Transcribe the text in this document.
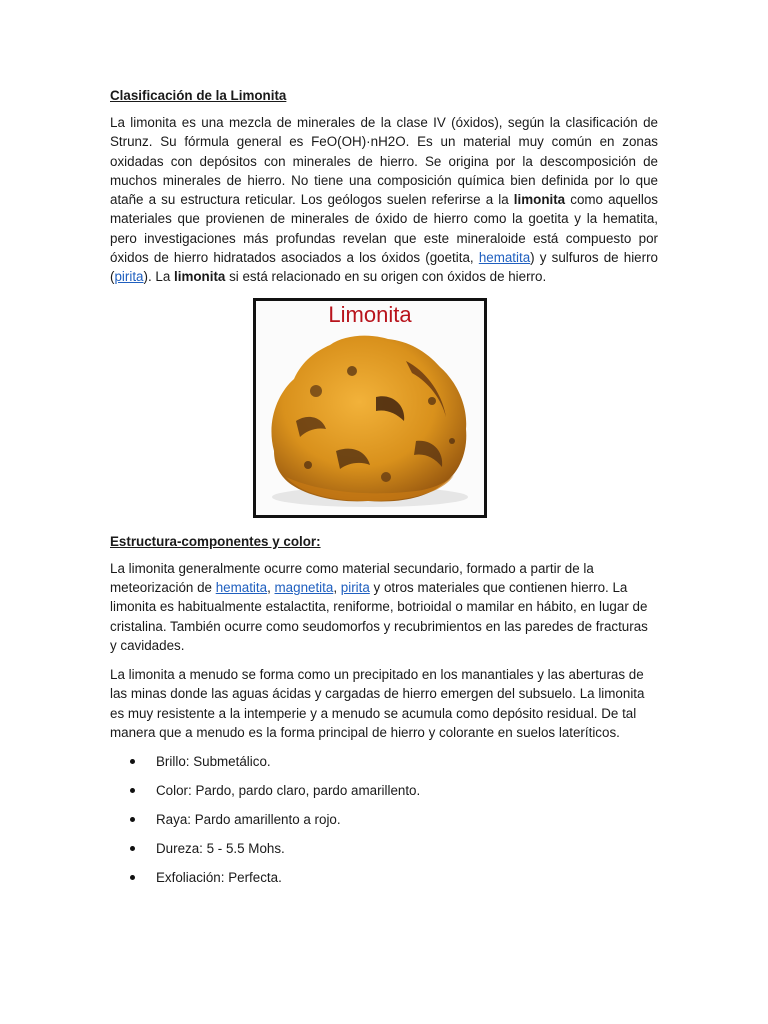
Clasificación de la Limonita

La limonita es una mezcla de minerales de la clase IV (óxidos), según la clasificación de Strunz. Su fórmula general es FeO(OH)·nH2O. Es un material muy común en zonas oxidadas con depósitos con minerales de hierro. Se origina por la descomposición de muchos minerales de hierro. No tiene una composición química bien definida por lo que atañe a su estructura reticular. Los geólogos suelen referirse a la limonita como aquellos materiales que provienen de minerales de óxido de hierro como la goetita y la hematita, pero investigaciones más profundas revelan que este mineraloide está compuesto por óxidos de hierro hidratados asociados a los óxidos (goetita, hematita) y sulfuros de hierro (pirita). La limonita si está relacionado en su origen con óxidos de hierro.

Limonita
Estructura-componentes y color:

La limonita generalmente ocurre como material secundario, formado a partir de la meteorización de hematita, magnetita, pirita y otros materiales que contienen hierro. La limonita es habitualmente estalactita, reniforme, botrioidal o mamilar en hábito, en lugar de cristalina. También ocurre como seudomorfos y recubrimientos en las paredes de fracturas y cavidades.

La limonita a menudo se forma como un precipitado en los manantiales y las aberturas de las minas donde las aguas ácidas y cargadas de hierro emergen del subsuelo. La limonita es muy resistente a la intemperie y a menudo se acumula como depósito residual. De tal manera que a menudo es la forma principal de hierro y colorante en suelos lateríticos.

Brillo: Submetálico.
Color: Pardo, pardo claro, pardo amarillento.
Raya: Pardo amarillento a rojo.
Dureza: 5 - 5.5 Mohs.
Exfoliación: Perfecta.
